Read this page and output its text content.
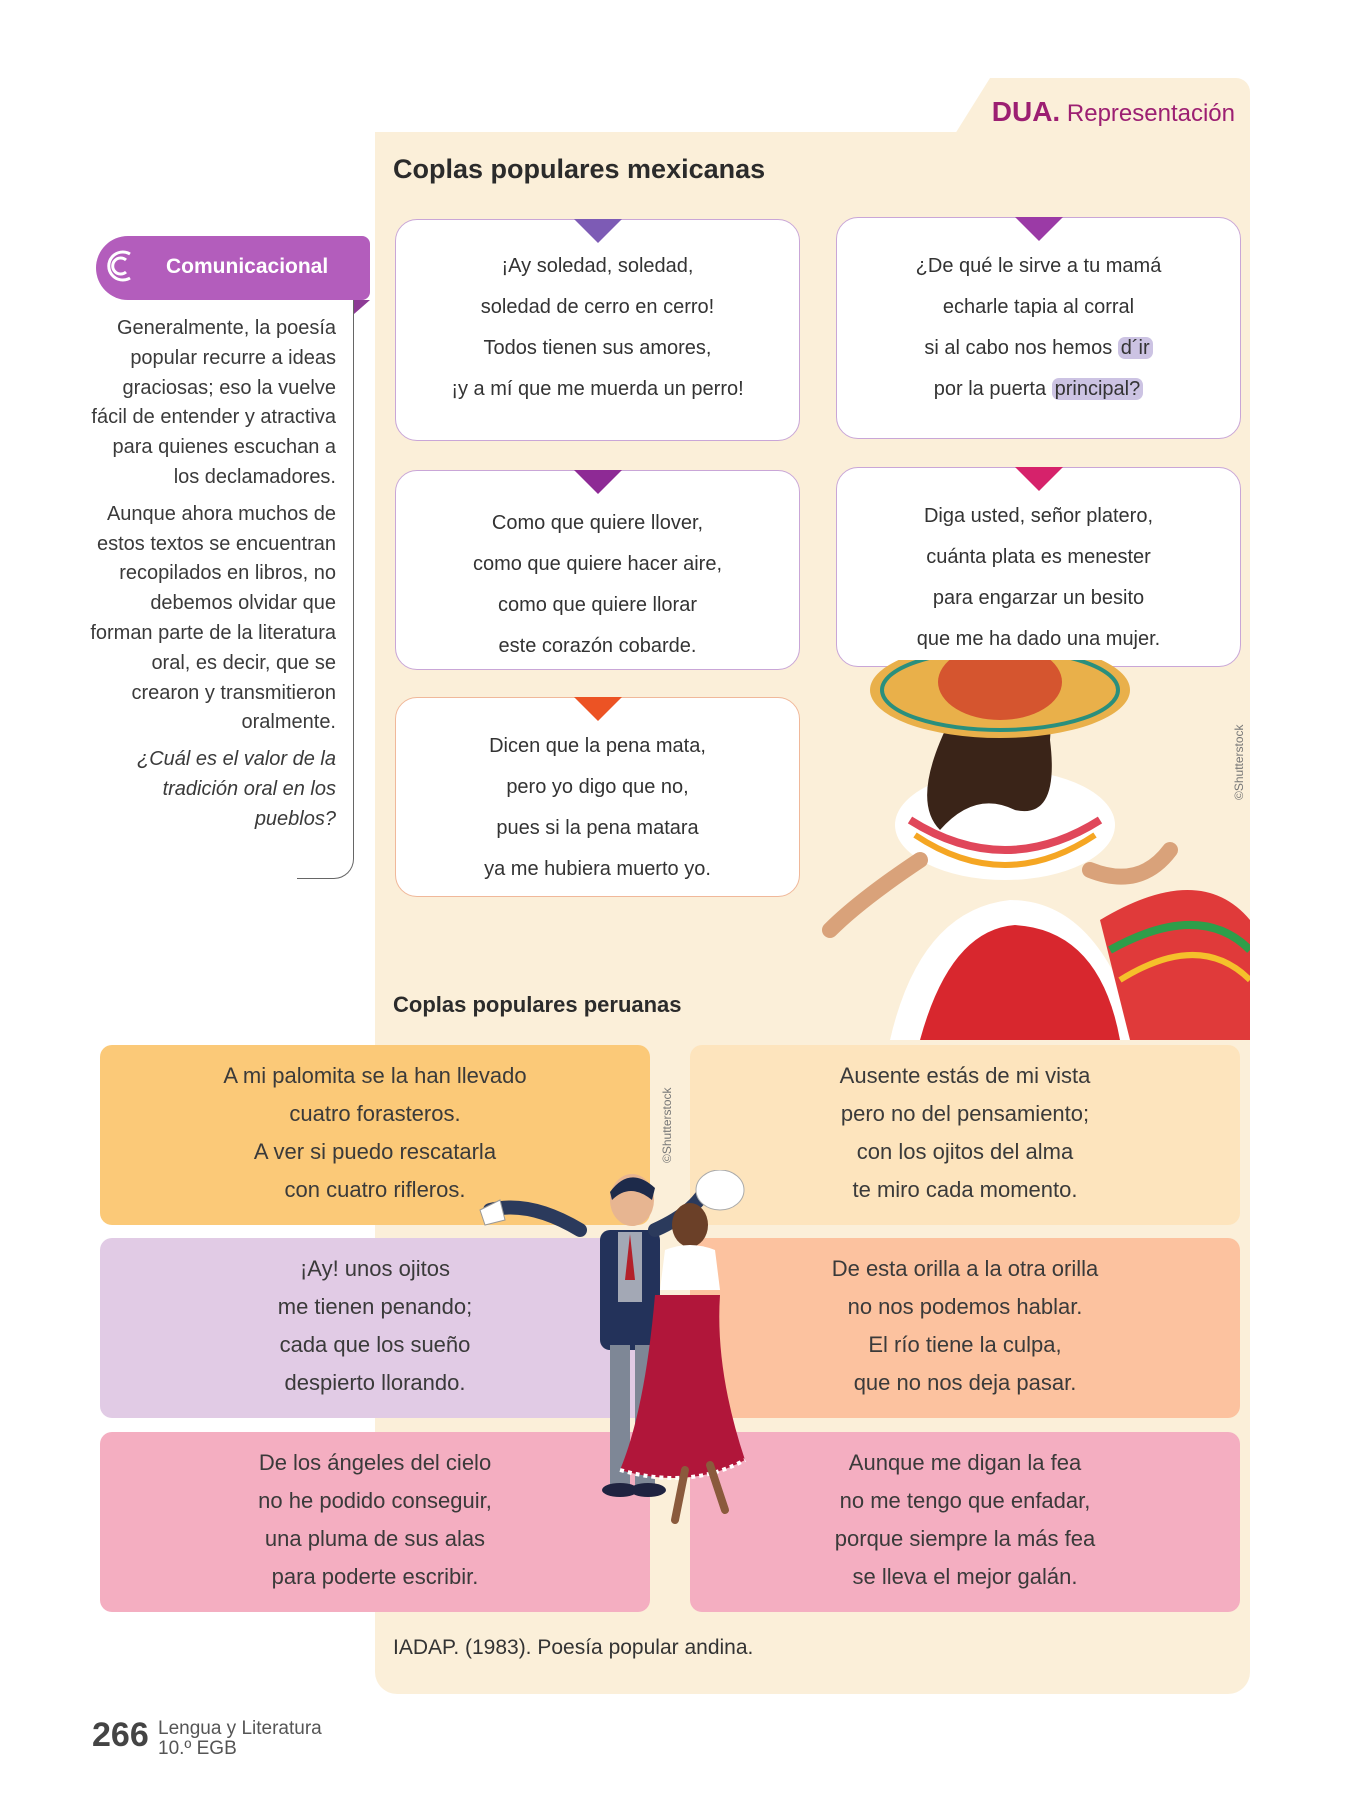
DUA. Representación
Coplas populares mexicanas
¡Ay soledad, soledad,
soledad de cerro en cerro!
Todos tienen sus amores,
¡y a mí que me muerda un perro!
¿De qué le sirve a tu mamá
echarle tapia al corral
si al cabo nos hemos d´ir
por la puerta principal?
Como que quiere llover,
como que quiere hacer aire,
como que quiere llorar
este corazón cobarde.
Diga usted, señor platero,
cuánta plata es menester
para engarzar un besito
que me ha dado una mujer.
Dicen que la pena mata,
pero yo digo que no,
pues si la pena matara
ya me hubiera muerto yo.
©Shutterstock
Comunicacional

Generalmente, la poesía popular recurre a ideas graciosas; eso la vuelve fácil de entender y atractiva para quienes escuchan a los declamadores.

Aunque ahora muchos de estos textos se encuentran recopilados en libros, no debemos olvidar que forman parte de la literatura oral, es decir, que se crearon y transmitieron oralmente.

¿Cuál es el valor de la tradición oral en los pueblos?

Coplas populares peruanas
A mi palomita se la han llevado
cuatro forasteros.
A ver si puedo rescatarla
con cuatro rifleros.
Ausente estás de mi vista
pero no del pensamiento;
con los ojitos del alma
te miro cada momento.
¡Ay! unos ojitos
me tienen penando;
cada que los sueño
despierto llorando.
De esta orilla a la otra orilla
no nos podemos hablar.
El río tiene la culpa,
que no nos deja pasar.
De los ángeles del cielo
no he podido conseguir,
una pluma de sus alas
para poderte escribir.
Aunque me digan la fea
no me tengo que enfadar,
porque siempre la más fea
se lleva el mejor galán.
©Shutterstock
IADAP. (1983). Poesía popular andina.
266 Lengua y Literatura
10.º EGB
